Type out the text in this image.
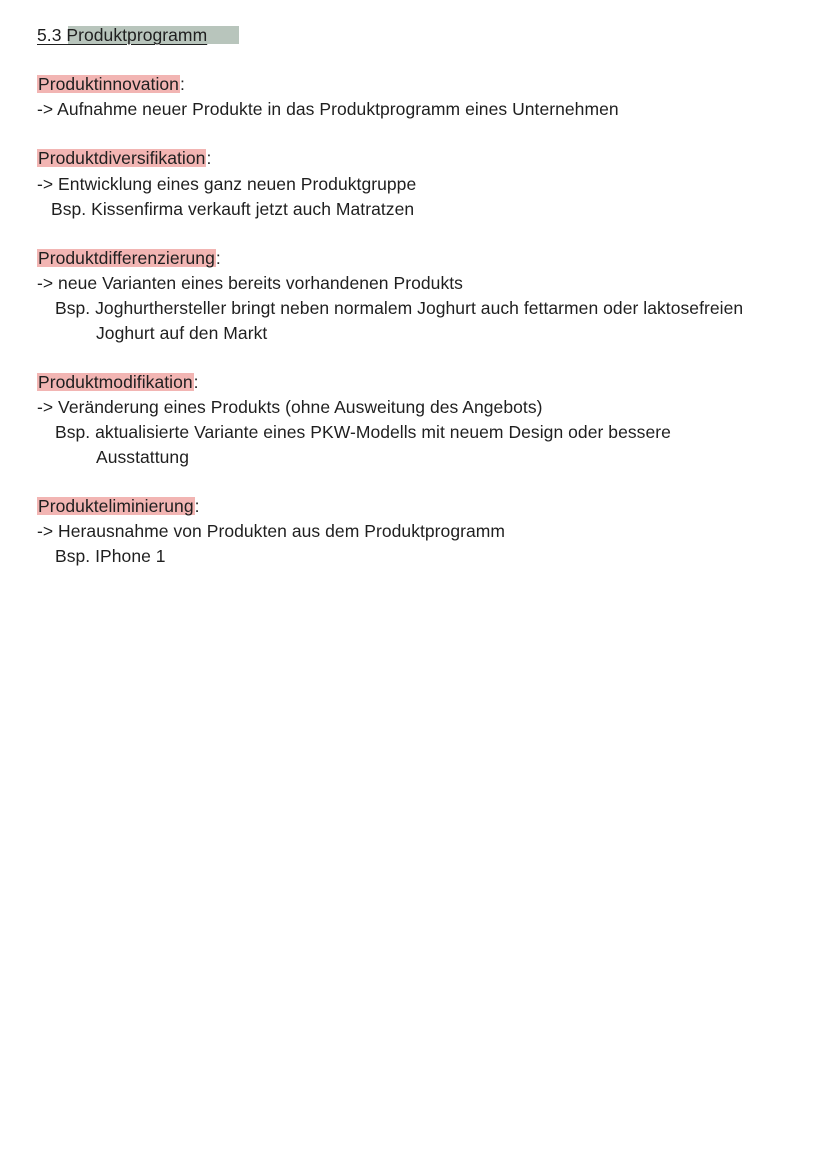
5.3 Produktprogramm
Produktinnovation:
-> Aufnahme neuer Produkte in das Produktprogramm eines Unternehmen
Produktdiversifikation:
-> Entwicklung eines ganz neuen Produktgruppe
Bsp. Kissenfirma verkauft jetzt auch Matratzen
Produktdifferenzierung:
-> neue Varianten eines bereits vorhandenen Produkts
Bsp. Joghurthersteller bringt neben normalem Joghurt auch fettarmen oder laktosefreien
Joghurt auf den Markt
Produktmodifikation:
-> Veränderung eines Produkts (ohne Ausweitung des Angebots)
Bsp. aktualisierte Variante eines PKW-Modells mit neuem Design oder bessere
Ausstattung
Produkteliminierung:
-> Herausnahme von Produkten aus dem Produktprogramm
Bsp. IPhone 1
